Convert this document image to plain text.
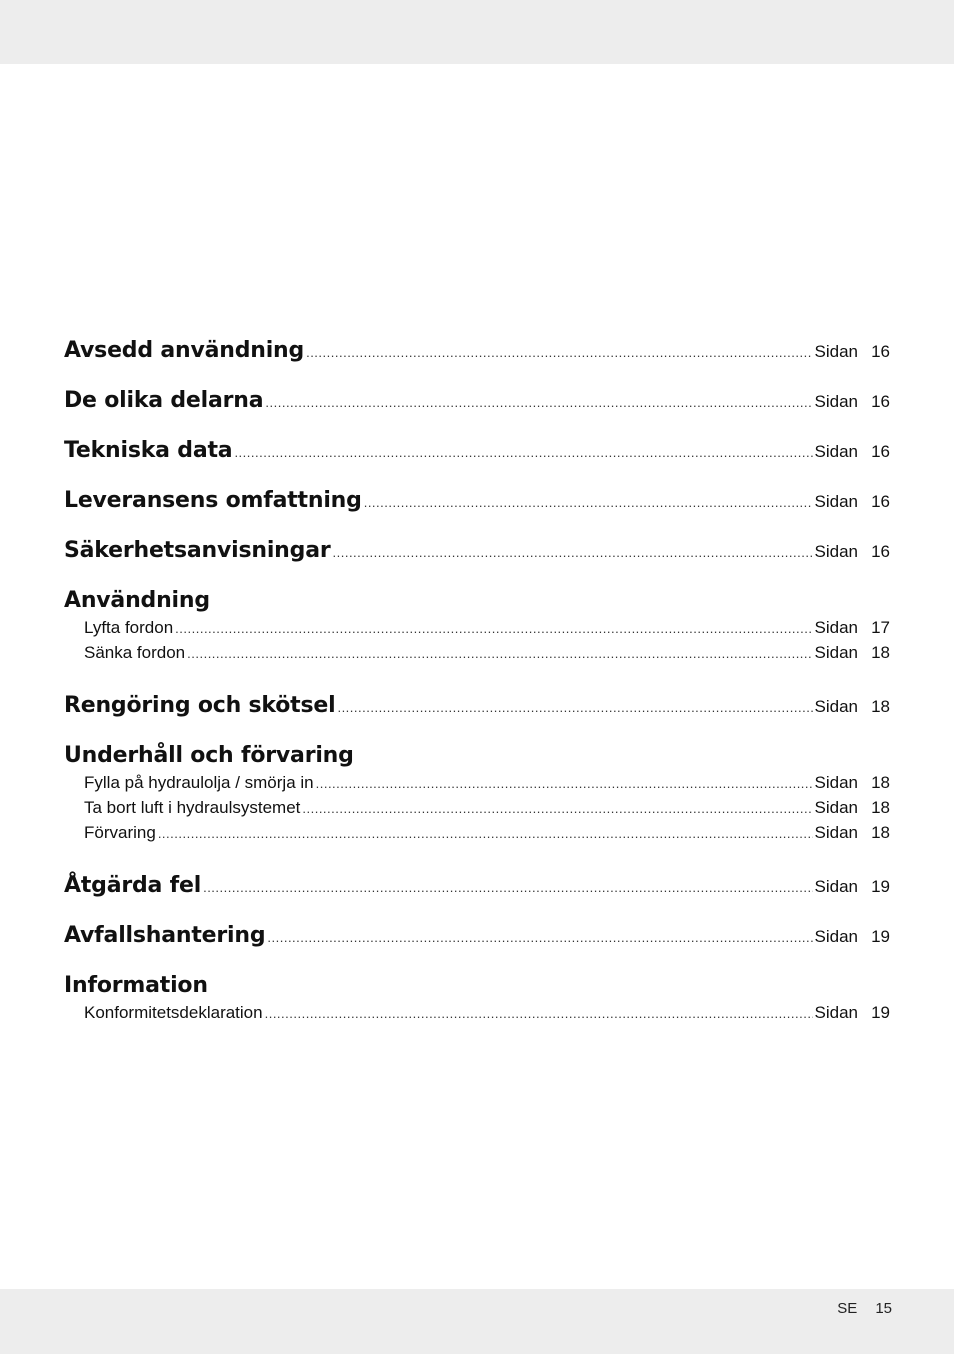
Avsedd användning .....	Sidan 16
De olika delarna .....	Sidan 16
Tekniska data .....	Sidan 16
Leveransens omfattning .....	Sidan 16
Säkerhetsanvisningar .....	Sidan 16
Användning
Lyfta fordon .....	Sidan 17
Sänka fordon .....	Sidan 18
Rengöring och skötsel .....	Sidan 18
Underhåll och förvaring
Fylla på hydraulolja / smörja in .....	Sidan 18
Ta bort luft i hydraulsystemet .....	Sidan 18
Förvaring .....	Sidan 18
Åtgärda fel .....	Sidan 19
Avfallshantering .....	Sidan 19
Information
Konformitetsdeklaration .....	Sidan 19
SE 15
